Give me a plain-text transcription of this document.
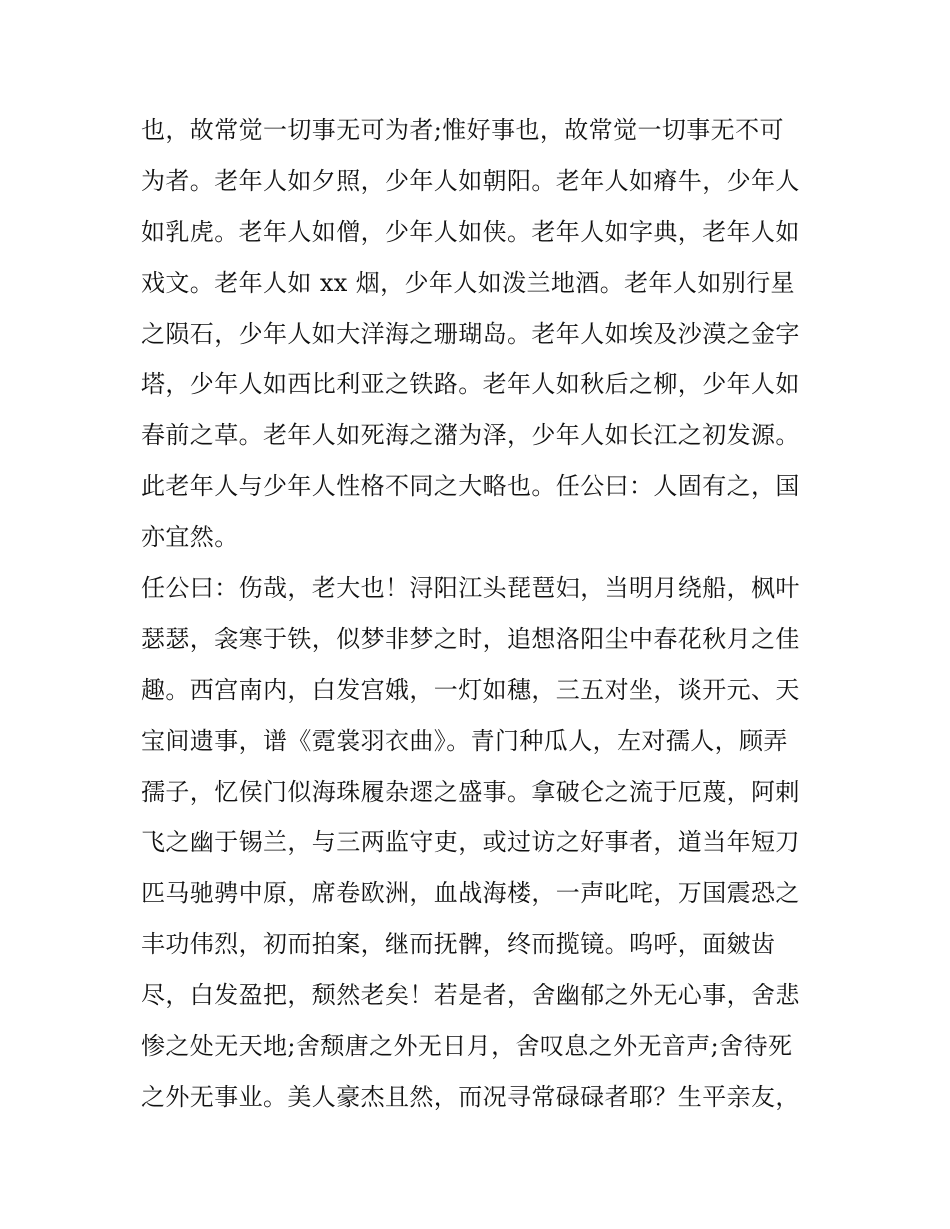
也，故常觉一切事无可为者;惟好事也，故常觉一切事无不可
为者。老年人如夕照，少年人如朝阳。老年人如瘠牛，少年人
如乳虎。老年人如僧，少年人如侠。老年人如字典，老年人如
戏文。老年人如 xx 烟，少年人如泼兰地酒。老年人如别行星
之陨石，少年人如大洋海之珊瑚岛。老年人如埃及沙漠之金字
塔，少年人如西比利亚之铁路。老年人如秋后之柳，少年人如
春前之草。老年人如死海之潴为泽，少年人如长江之初发源。
此老年人与少年人性格不同之大略也。任公曰：人固有之，国
亦宜然。
任公曰：伤哉，老大也！浔阳江头琵琶妇，当明月绕船，枫叶
瑟瑟，衾寒于铁，似梦非梦之时，追想洛阳尘中春花秋月之佳
趣。西宫南内，白发宫娥，一灯如穗，三五对坐，谈开元、天
宝间遗事，谱《霓裳羽衣曲》。青门种瓜人，左对孺人，顾弄
孺子，忆侯门似海珠履杂遝之盛事。拿破仑之流于厄蔑，阿剌
飞之幽于锡兰，与三两监守吏，或过访之好事者，道当年短刀
匹马驰骋中原，席卷欧洲，血战海楼，一声叱咤，万国震恐之
丰功伟烈，初而拍案，继而抚髀，终而揽镜。呜呼，面皴齿
尽，白发盈把，颓然老矣！若是者，舍幽郁之外无心事，舍悲
惨之处无天地;舍颓唐之外无日月，舍叹息之外无音声;舍待死
之外无事业。美人豪杰且然，而况寻常碌碌者耶？生平亲友，
